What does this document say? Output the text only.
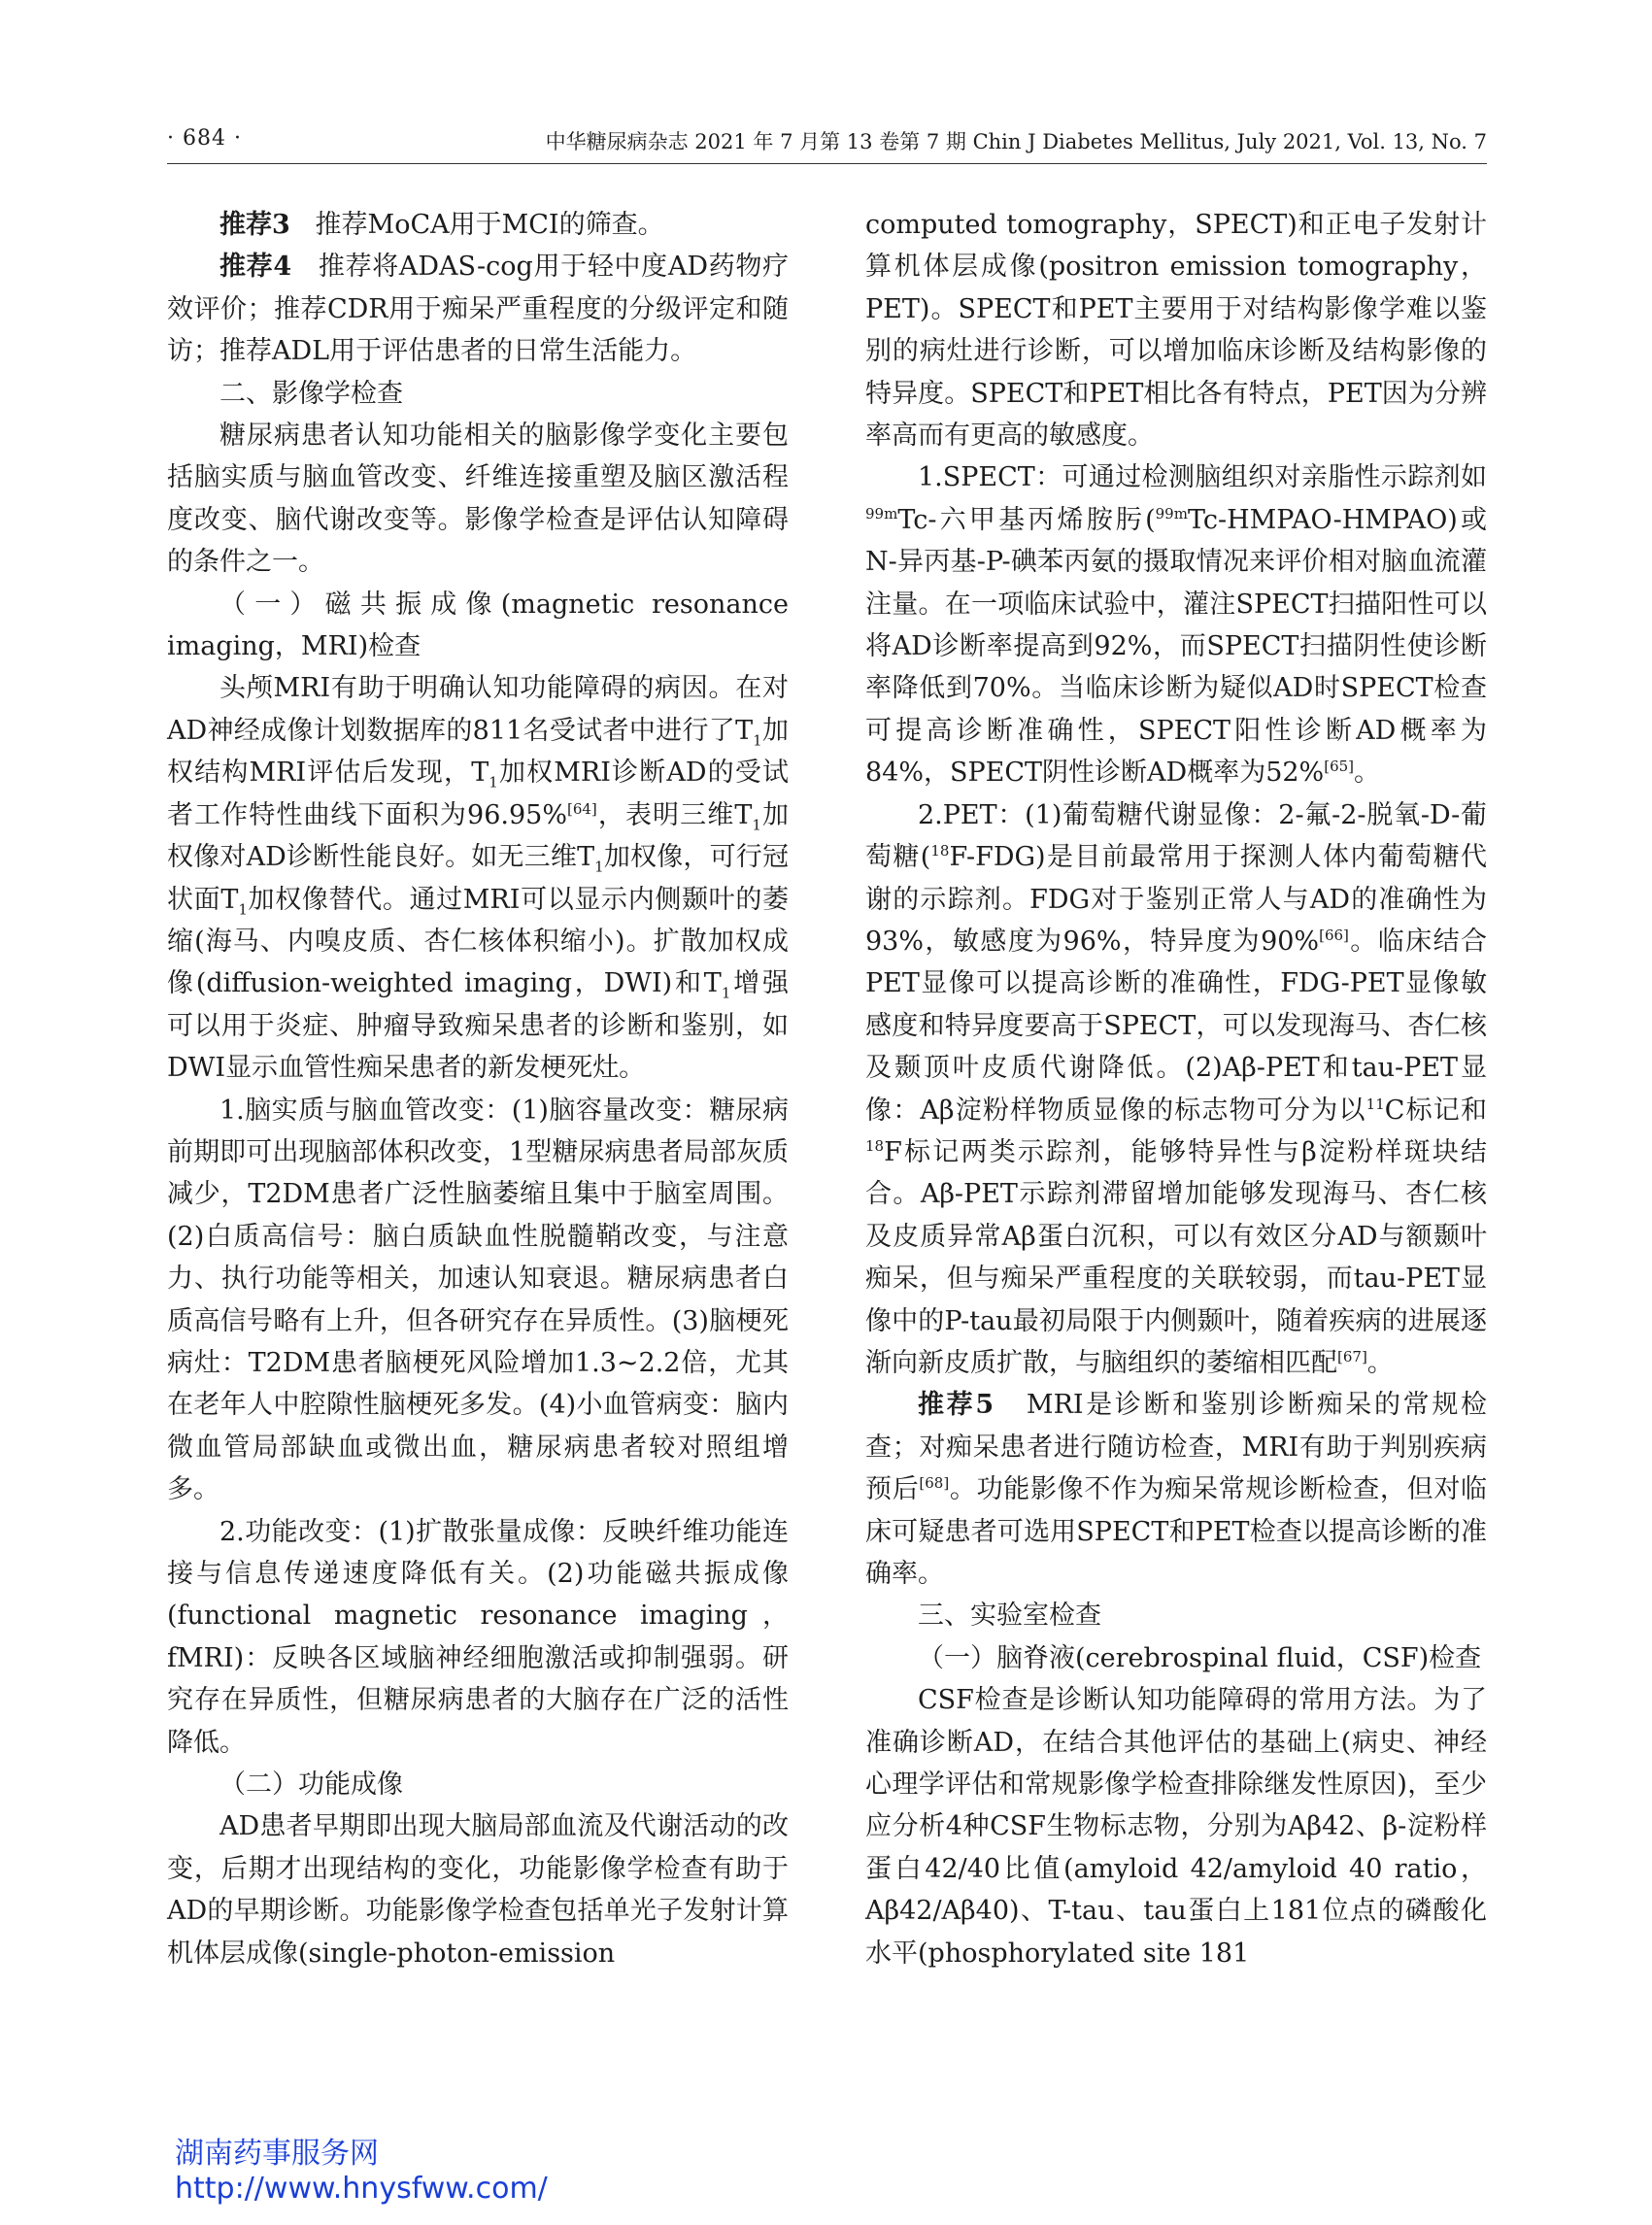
· 684 ·	中华糖尿病杂志 2021 年 7 月第 13 卷第 7 期 Chin J Diabetes Mellitus, July 2021, Vol. 13, No. 7

推荐3 推荐MoCA用于MCI的筛查。

推荐4 推荐将ADAS-cog用于轻中度AD药物疗效评价；推荐CDR用于痴呆严重程度的分级评定和随访；推荐ADL用于评估患者的日常生活能力。

二、影像学检查

糖尿病患者认知功能相关的脑影像学变化主要包括脑实质与脑血管改变、纤维连接重塑及脑区激活程度改变、脑代谢改变等。影像学检查是评估认知障碍的条件之一。

（一）磁共振成像(magnetic resonance imaging，MRI)检查

头颅MRI有助于明确认知功能障碍的病因。在对AD神经成像计划数据库的811名受试者中进行了$T_1$加权结构MRI评估后发现，$T_1$加权MRI诊断AD的受试者工作特性曲线下面积为96.95%[64]，表明三维$T_1$加权像对AD诊断性能良好。如无三维$T_1$加权像，可行冠状面$T_1$加权像替代。通过MRI可以显示内侧颞叶的萎缩(海马、内嗅皮质、杏仁核体积缩小)。扩散加权成像(diffusion-weighted imaging，DWI)和$T_1$增强可以用于炎症、肿瘤导致痴呆患者的诊断和鉴别，如DWI显示血管性痴呆患者的新发梗死灶。

1.脑实质与脑血管改变：(1)脑容量改变：糖尿病前期即可出现脑部体积改变，1型糖尿病患者局部灰质减少，T2DM患者广泛性脑萎缩且集中于脑室周围。(2)白质高信号：脑白质缺血性脱髓鞘改变，与注意力、执行功能等相关，加速认知衰退。糖尿病患者白质高信号略有上升，但各研究存在异质性。(3)脑梗死病灶：T2DM患者脑梗死风险增加1.3~2.2倍，尤其在老年人中腔隙性脑梗死多发。(4)小血管病变：脑内微血管局部缺血或微出血，糖尿病患者较对照组增多。

2.功能改变：(1)扩散张量成像：反映纤维功能连接与信息传递速度降低有关。(2)功能磁共振成像(functional magnetic resonance imaging，fMRI)：反映各区域脑神经细胞激活或抑制强弱。研究存在异质性，但糖尿病患者的大脑存在广泛的活性降低。

（二）功能成像

AD患者早期即出现大脑局部血流及代谢活动的改变，后期才出现结构的变化，功能影像学检查有助于AD的早期诊断。功能影像学检查包括单光子发射计算机体层成像(single-photon-emission

computed tomography，SPECT)和正电子发射计算机体层成像(positron emission tomography，PET)。SPECT和PET主要用于对结构影像学难以鉴别的病灶进行诊断，可以增加临床诊断及结构影像的特异度。SPECT和PET相比各有特点，PET因为分辨率高而有更高的敏感度。

1.SPECT：可通过检测脑组织对亲脂性示踪剂如$^{99m}$Tc-六甲基丙烯胺肟($^{99m}$Tc-HMPAO-HMPAO)或N-异丙基-P-碘苯丙氨的摄取情况来评价相对脑血流灌注量。在一项临床试验中，灌注SPECT扫描阳性可以将AD诊断率提高到92%，而SPECT扫描阴性使诊断率降低到70%。当临床诊断为疑似AD时SPECT检查可提高诊断准确性，SPECT阳性诊断AD概率为84%，SPECT阴性诊断AD概率为52%[65]。

2.PET：(1)葡萄糖代谢显像：2-氟-2-脱氧-D-葡萄糖($^{18}$F-FDG)是目前最常用于探测人体内葡萄糖代谢的示踪剂。FDG对于鉴别正常人与AD的准确性为93%，敏感度为96%，特异度为90%[66]。临床结合PET显像可以提高诊断的准确性，FDG-PET显像敏感度和特异度要高于SPECT，可以发现海马、杏仁核及颞顶叶皮质代谢降低。(2)Aβ-PET和tau-PET显像：Aβ淀粉样物质显像的标志物可分为以$^{11}$C标记和$^{18}$F标记两类示踪剂，能够特异性与β淀粉样斑块结合。Aβ-PET示踪剂滞留增加能够发现海马、杏仁核及皮质异常Aβ蛋白沉积，可以有效区分AD与额颞叶痴呆，但与痴呆严重程度的关联较弱，而tau-PET显像中的P-tau最初局限于内侧颞叶，随着疾病的进展逐渐向新皮质扩散，与脑组织的萎缩相匹配[67]。

推荐5 MRI是诊断和鉴别诊断痴呆的常规检查；对痴呆患者进行随访检查，MRI有助于判别疾病预后[68]。功能影像不作为痴呆常规诊断检查，但对临床可疑患者可选用SPECT和PET检查以提高诊断的准确率。

三、实验室检查

（一）脑脊液(cerebrospinal fluid，CSF)检查

CSF检查是诊断认知功能障碍的常用方法。为了准确诊断AD，在结合其他评估的基础上(病史、神经心理学评估和常规影像学检查排除继发性原因)，至少应分析4种CSF生物标志物，分别为Aβ42、β-淀粉样蛋白42/40比值(amyloid 42/amyloid 40 ratio，Aβ42/Aβ40)、T-tau、tau蛋白上181位点的磷酸化水平(phosphorylated site 181

湖南药事服务网
http://www.hnysfww.com/
